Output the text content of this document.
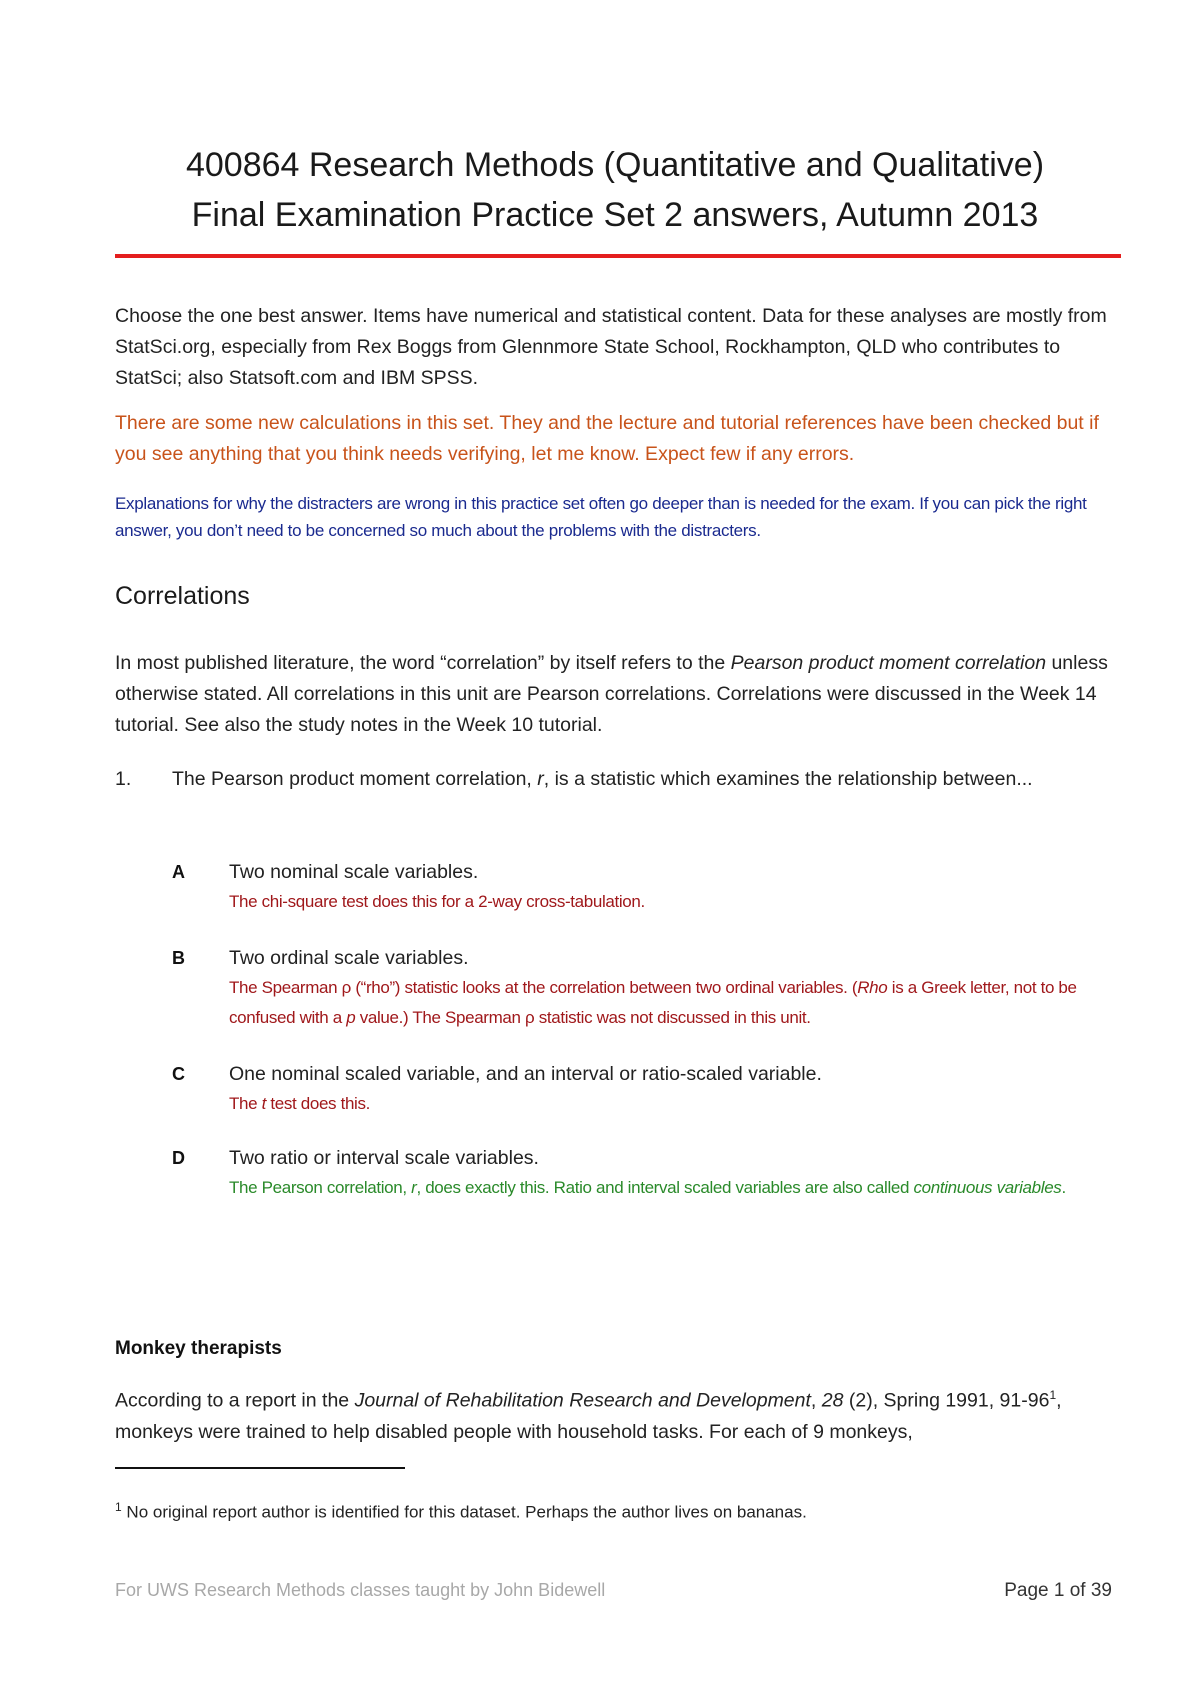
400864 Research Methods (Quantitative and Qualitative)
Final Examination Practice Set 2 answers, Autumn 2013
Choose the one best answer. Items have numerical and statistical content. Data for these analyses are mostly from StatSci.org, especially from Rex Boggs from Glennmore State School, Rockhampton, QLD who contributes to StatSci; also Statsoft.com and IBM SPSS.
There are some new calculations in this set. They and the lecture and tutorial references have been checked but if you see anything that you think needs verifying, let me know. Expect few if any errors.
Explanations for why the distracters are wrong in this practice set often go deeper than is needed for the exam. If you can pick the right answer, you don’t need to be concerned so much about the problems with the distracters.
Correlations
In most published literature, the word “correlation” by itself refers to the Pearson product moment correlation unless otherwise stated. All correlations in this unit are Pearson correlations. Correlations were discussed in the Week 14 tutorial. See also the study notes in the Week 10 tutorial.
1. The Pearson product moment correlation, r, is a statistic which examines the relationship between...
A Two nominal scale variables.
The chi-square test does this for a 2-way cross-tabulation.
B Two ordinal scale variables.
The Spearman ρ (“rho”) statistic looks at the correlation between two ordinal variables. (Rho is a Greek letter, not to be confused with a p value.) The Spearman ρ statistic was not discussed in this unit.
C One nominal scaled variable, and an interval or ratio-scaled variable.
The t test does this.
D Two ratio or interval scale variables.
The Pearson correlation, r, does exactly this. Ratio and interval scaled variables are also called continuous variables.
Monkey therapists
According to a report in the Journal of Rehabilitation Research and Development, 28 (2), Spring 1991, $91-96^1$, monkeys were trained to help disabled people with household tasks. For each of 9 monkeys,
$^1$ No original report author is identified for this dataset. Perhaps the author lives on bananas.
For UWS Research Methods classes taught by John Bidewell	Page 1 of 39
